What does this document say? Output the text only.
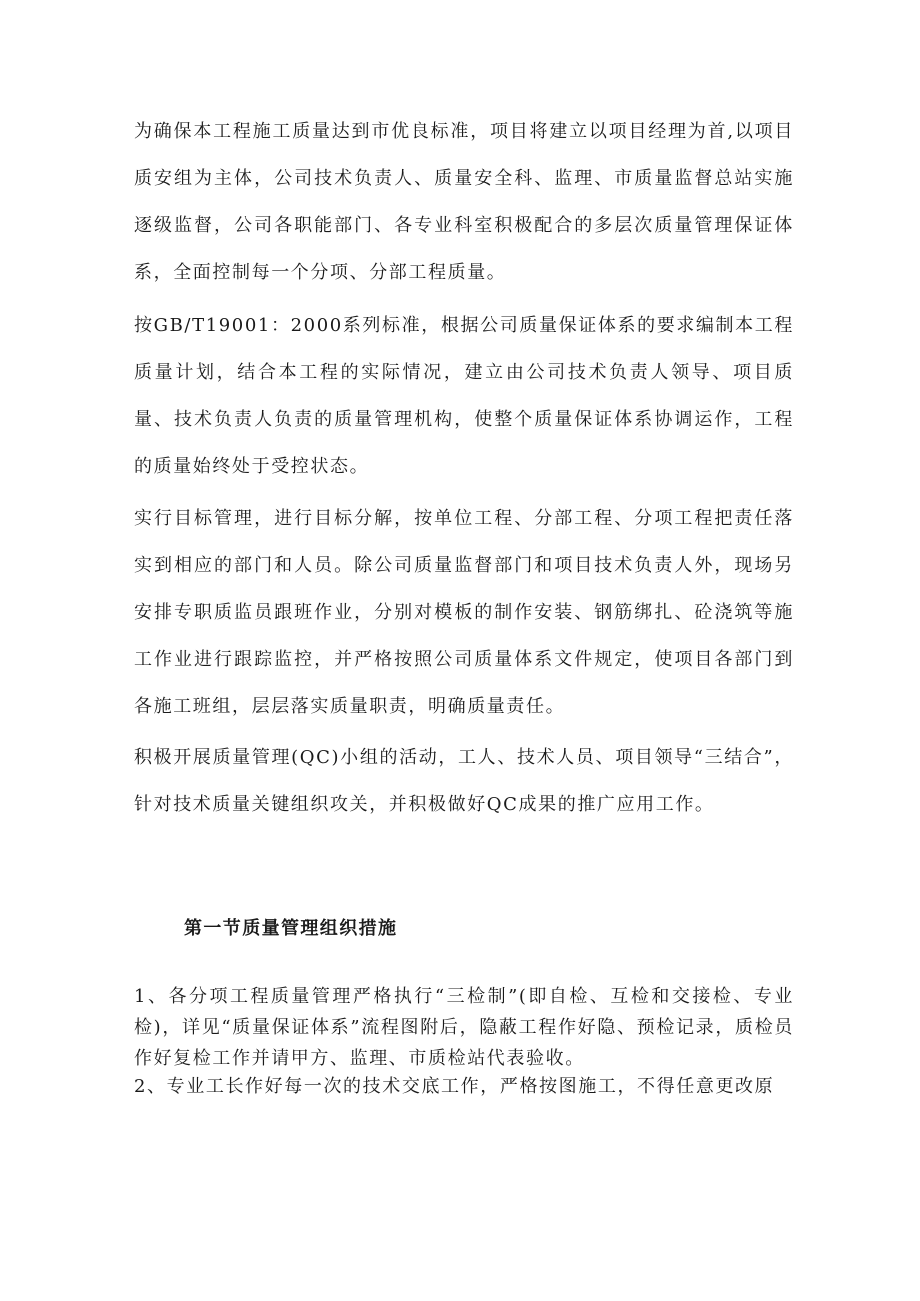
为确保本工程施工质量达到市优良标准，项目将建立以项目经理为首,以项目质安组为主体，公司技术负责人、质量安全科、监理、市质量监督总站实施逐级监督，公司各职能部门、各专业科室积极配合的多层次质量管理保证体系，全面控制每一个分项、分部工程质量。

按GB/T19001：2000系列标准，根据公司质量保证体系的要求编制本工程质量计划，结合本工程的实际情况，建立由公司技术负责人领导、项目质量、技术负责人负责的质量管理机构，使整个质量保证体系协调运作，工程的质量始终处于受控状态。

实行目标管理，进行目标分解，按单位工程、分部工程、分项工程把责任落实到相应的部门和人员。除公司质量监督部门和项目技术负责人外，现场另安排专职质监员跟班作业，分别对模板的制作安装、钢筋绑扎、砼浇筑等施工作业进行跟踪监控，并严格按照公司质量体系文件规定，使项目各部门到各施工班组，层层落实质量职责，明确质量责任。

积极开展质量管理(QC)小组的活动，工人、技术人员、项目领导“三结合”，针对技术质量关键组织攻关，并积极做好QC成果的推广应用工作。

第一节质量管理组织措施

1、各分项工程质量管理严格执行“三检制”(即自检、互检和交接检、专业检)，详见“质量保证体系”流程图附后，隐蔽工程作好隐、预检记录，质检员作好复检工作并请甲方、监理、市质检站代表验收。

2、专业工长作好每一次的技术交底工作，严格按图施工，不得任意更改原
